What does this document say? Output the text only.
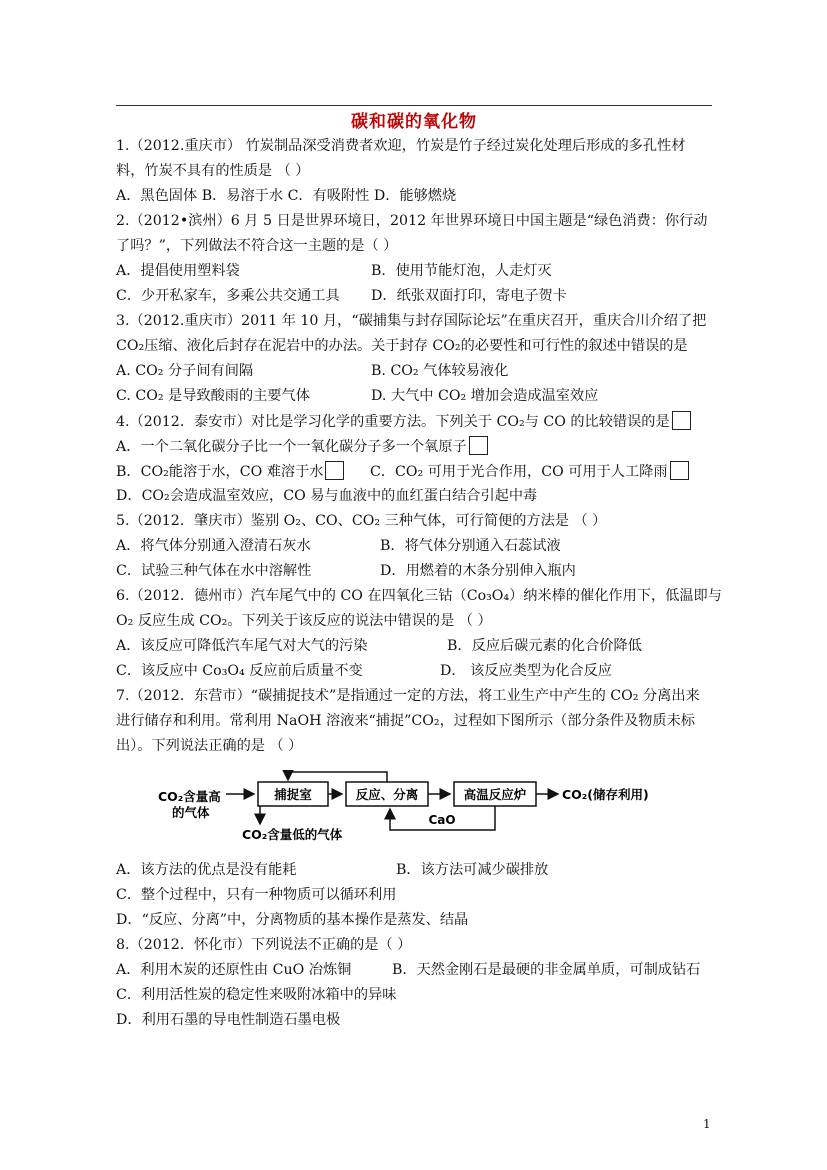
碳和碳的氧化物
1.（2012.重庆市） 竹炭制品深受消费者欢迎，竹炭是竹子经过炭化处理后形成的多孔性材
料，竹炭不具有的性质是 （ ）
A．黑色固体 B．易溶于水 C．有吸附性 D．能够燃烧
2.（2012•滨州）6 月 5 日是世界环境日，2012 年世界环境日中国主题是“绿色消费：你行动
了吗？”，下列做法不符合这一主题的是（ ）
A．提倡使用塑料袋	B．使用节能灯泡，人走灯灭
C．少开私家车，多乘公共交通工具 D．纸张双面打印，寄电子贺卡
3.（2012.重庆市）2011 年 10 月，“碳捕集与封存国际论坛”在重庆召开，重庆合川介绍了把
CO₂压缩、液化后封存在泥岩中的办法。关于封存 CO₂的必要性和可行性的叙述中错误的是
A. CO₂ 分子间有间隔	B. CO₂ 气体较易液化
C. CO₂ 是导致酸雨的主要气体	D. 大气中 CO₂ 增加会造成温室效应
4.（2012．泰安市）对比是学习化学的重要方法。下列关于 CO₂与 CO 的比较错误的是
A．一个二氧化碳分子比一个一氧化碳分子多一个氧原子
B．CO₂能溶于水，CO 难溶于水	C．CO₂ 可用于光合作用，CO 可用于人工降雨
D．CO₂会造成温室效应，CO 易与血液中的血红蛋白结合引起中毒
5.（2012．肇庆市）鉴别 O₂、CO、CO₂ 三种气体，可行简便的方法是 （ ）
A．将气体分别通入澄清石灰水	B．将气体分别通入石蕊试液
C．试验三种气体在水中溶解性	D．用燃着的木条分别伸入瓶内
6.（2012．德州市）汽车尾气中的 CO 在四氧化三钴（Co₃O₄）纳米棒的催化作用下，低温即与
O₂ 反应生成 CO₂。下列关于该反应的说法中错误的是 （ ）
A．该反应可降低汽车尾气对大气的污染	B．反应后碳元素的化合价降低
C．该反应中 Co₃O₄ 反应前后质量不变	D． 该反应类型为化合反应
7.（2012．东营市）“碳捕捉技术”是指通过一定的方法，将工业生产中产生的 CO₂ 分离出来
进行储存和利用。常利用 NaOH 溶液来“捕捉”CO₂，过程如下图所示（部分条件及物质未标
出）。下列说法正确的是 （ ）
A．该方法的优点是没有能耗	B．该方法可减少碳排放
C．整个过程中，只有一种物质可以循环利用
D．“反应、分离”中，分离物质的基本操作是蒸发、结晶
8.（2012．怀化市）下列说法不正确的是（ ）
A．利用木炭的还原性由 CuO 冶炼铜	B．天然金刚石是最硬的非金属单质，可制成钻石
C．利用活性炭的稳定性来吸附冰箱中的异味
D．利用石墨的导电性制造石墨电极
CO₂含量高
的气体
捕捉室	反应、分离	高温反应炉	CO₂(储存利用)
CaO
CO₂含量低的气体
1
